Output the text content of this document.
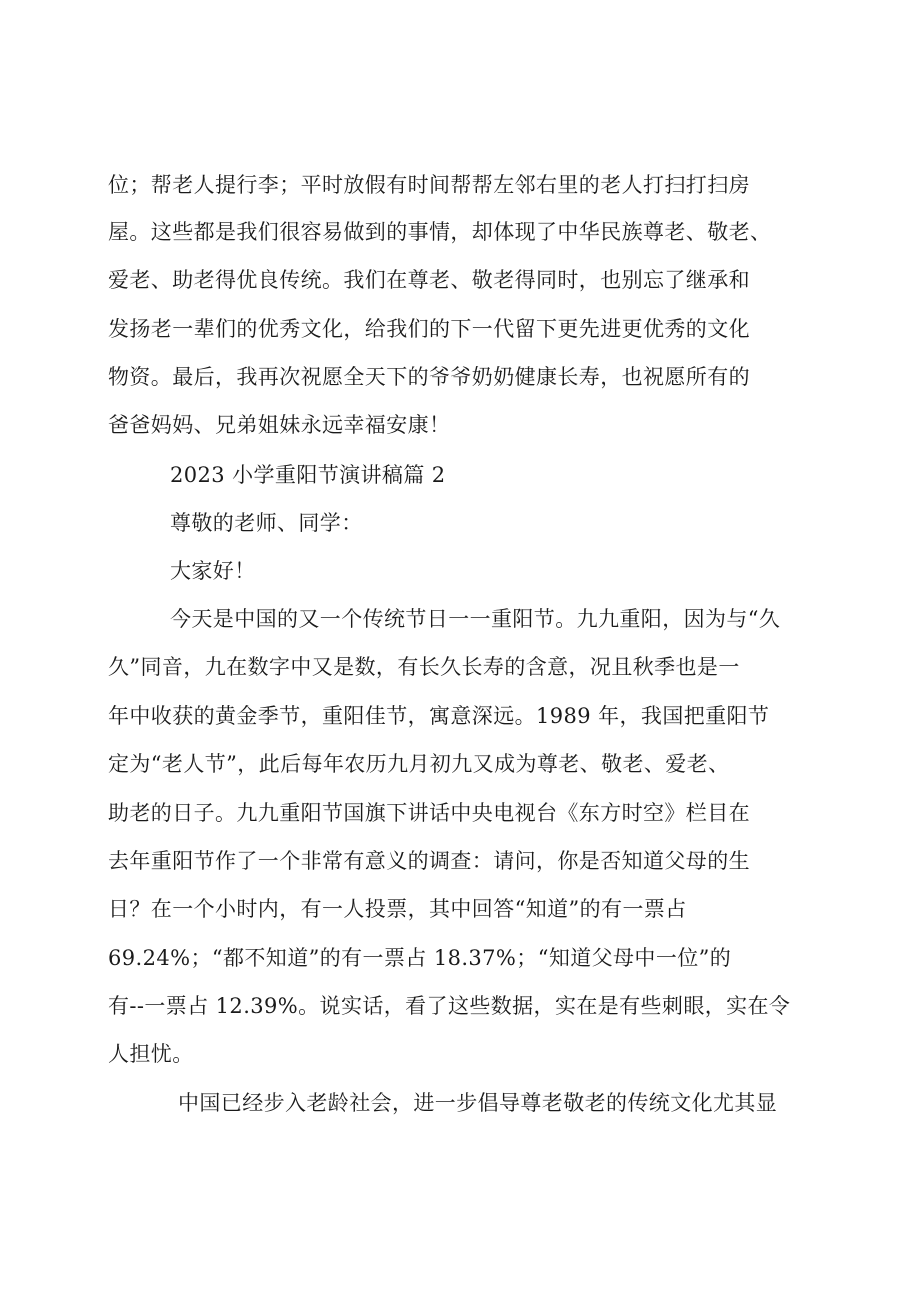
位；帮老人提行李；平时放假有时间帮帮左邻右里的老人打扫打扫房
屋。这些都是我们很容易做到的事情，却体现了中华民族尊老、敬老、
爱老、助老得优良传统。我们在尊老、敬老得同时，也别忘了继承和
发扬老一辈们的优秀文化，给我们的下一代留下更先进更优秀的文化
物资。最后，我再次祝愿全天下的爷爷奶奶健康长寿，也祝愿所有的
爸爸妈妈、兄弟姐妹永远幸福安康！
2023 小学重阳节演讲稿篇 2
尊敬的老师、同学：
大家好！
今天是中国的又一个传统节日一一重阳节。九九重阳，因为与“久
久”同音，九在数字中又是数，有长久长寿的含意，况且秋季也是一
年中收获的黄金季节，重阳佳节，寓意深远。1989 年，我国把重阳节
定为“老人节”，此后每年农历九月初九又成为尊老、敬老、爱老、
助老的日子。九九重阳节国旗下讲话中央电视台《东方时空》栏目在
去年重阳节作了一个非常有意义的调查：请问，你是否知道父母的生
日？在一个小时内，有一人投票，其中回答“知道”的有一票占
69.24%；“都不知道”的有一票占 18.37%；“知道父母中一位”的
有--一票占 12.39%。说实话，看了这些数据，实在是有些刺眼，实在令
人担忧。
中国已经步入老龄社会，进一步倡导尊老敬老的传统文化尤其显
